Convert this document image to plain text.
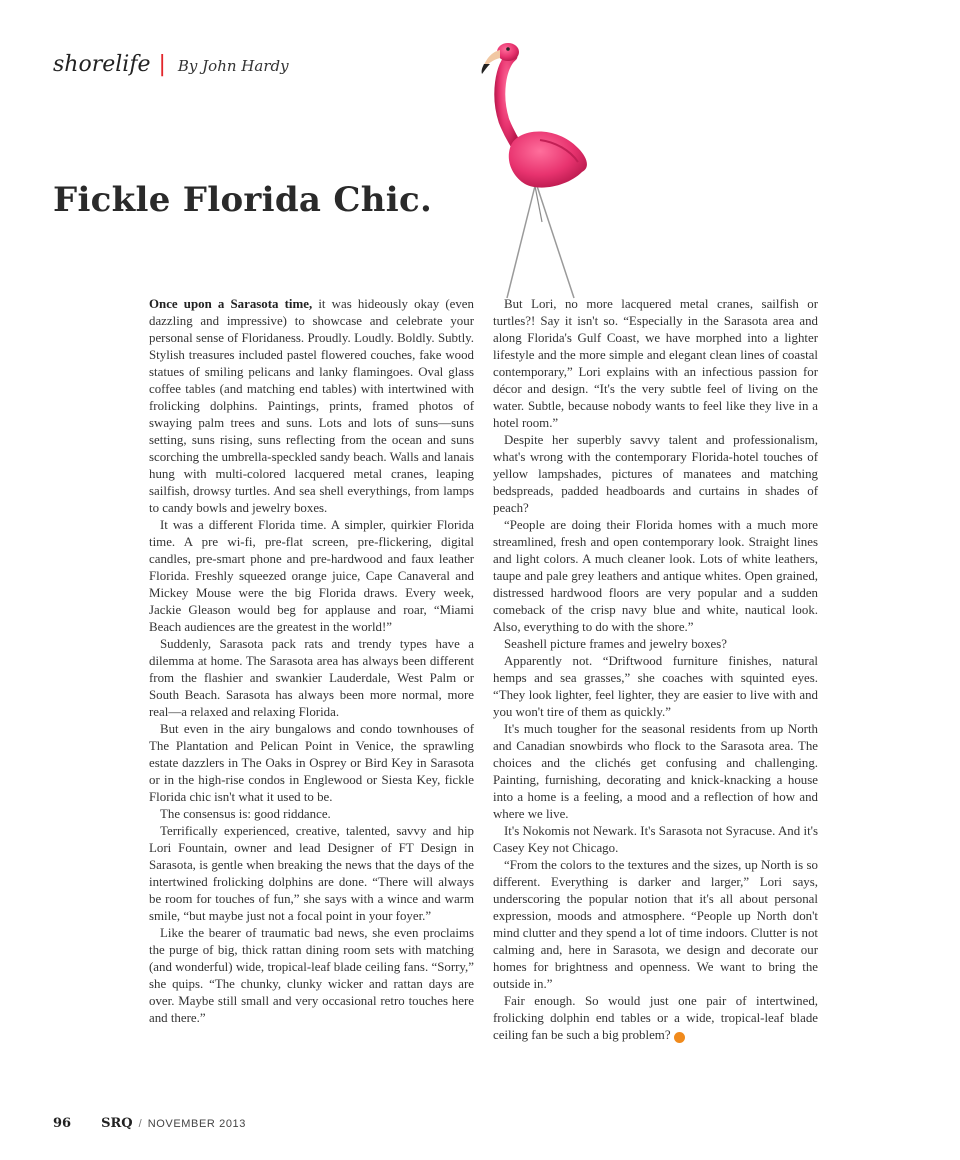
shorelife | By John Hardy
Fickle Florida Chic.

Once upon a Sarasota time, it was hideously okay (even dazzling and impressive) to showcase and celebrate your personal sense of Floridaness. Proudly. Loudly. Boldly. Subtly. Stylish treasures included pastel flowered couches, fake wood statues of smiling pelicans and lanky flamingoes. Oval glass coffee tables (and matching end tables) with intertwined with frolicking dolphins. Paintings, prints, framed photos of swaying palm trees and suns. Lots and lots of suns—suns setting, suns rising, suns reflecting from the ocean and suns scorching the umbrella-speckled sandy beach. Walls and lanais hung with multi-colored lacquered metal cranes, leaping sailfish, drowsy turtles. And sea shell everythings, from lamps to candy bowls and jewelry boxes.

It was a different Florida time. A simpler, quirkier Florida time. A pre wi-fi, pre-flat screen, pre-flickering, digital candles, pre-smart phone and pre-hardwood and faux leather Florida. Freshly squeezed orange juice, Cape Canaveral and Mickey Mouse were the big Florida draws. Every week, Jackie Gleason would beg for applause and roar, “Miami Beach audiences are the greatest in the world!”

Suddenly, Sarasota pack rats and trendy types have a dilemma at home. The Sarasota area has always been different from the flashier and swankier Lauderdale, West Palm or South Beach. Sarasota has always been more normal, more real—a relaxed and relaxing Florida.

But even in the airy bungalows and condo townhouses of The Plantation and Pelican Point in Venice, the sprawling estate dazzlers in The Oaks in Osprey or Bird Key in Sarasota or in the high-rise condos in Englewood or Siesta Key, fickle Florida chic isn't what it used to be.

The consensus is: good riddance.

Terrifically experienced, creative, talented, savvy and hip Lori Fountain, owner and lead Designer of FT Design in Sarasota, is gentle when breaking the news that the days of the intertwined frolicking dolphins are done. “There will always be room for touches of fun,” she says with a wince and warm smile, “but maybe just not a focal point in your foyer.”

Like the bearer of traumatic bad news, she even proclaims the purge of big, thick rattan dining room sets with matching (and wonderful) wide, tropical-leaf blade ceiling fans. “Sorry,” she quips. “The chunky, clunky wicker and rattan days are over. Maybe still small and very occasional retro touches here and there.”

But Lori, no more lacquered metal cranes, sailfish or turtles?! Say it isn't so. “Especially in the Sarasota area and along Florida's Gulf Coast, we have morphed into a lighter lifestyle and the more simple and elegant clean lines of coastal contemporary,” Lori explains with an infectious passion for décor and design. “It's the very subtle feel of living on the water. Subtle, because nobody wants to feel like they live in a hotel room.”

Despite her superbly savvy talent and professionalism, what's wrong with the contemporary Florida-hotel touches of yellow lampshades, pictures of manatees and matching bedspreads, padded headboards and curtains in shades of peach?

“People are doing their Florida homes with a much more streamlined, fresh and open contemporary look. Straight lines and light colors. A much cleaner look. Lots of white leathers, taupe and pale grey leathers and antique whites. Open grained, distressed hardwood floors are very popular and a sudden comeback of the crisp navy blue and white, nautical look. Also, everything to do with the shore.”

Seashell picture frames and jewelry boxes?

Apparently not. “Driftwood furniture finishes, natural hemps and sea grasses,” she coaches with squinted eyes. “They look lighter, feel lighter, they are easier to live with and you won't tire of them as quickly.”

It's much tougher for the seasonal residents from up North and Canadian snowbirds who flock to the Sarasota area. The choices and the clichés get confusing and challenging. Painting, furnishing, decorating and knick-knacking a house into a home is a feeling, a mood and a reflection of how and where we live.

It's Nokomis not Newark. It's Sarasota not Syracuse. And it's Casey Key not Chicago.

“From the colors to the textures and the sizes, up North is so different. Everything is darker and larger,” Lori says, underscoring the popular notion that it's all about personal expression, moods and atmosphere. “People up North don't mind clutter and they spend a lot of time indoors. Clutter is not calming and, here in Sarasota, we design and decorate our homes for brightness and openness. We want to bring the outside in.”

Fair enough. So would just one pair of intertwined, frolicking dolphin end tables or a wide, tropical-leaf blade ceiling fan be such a big problem? S

96 SRQ / NOVEMBER 2013
